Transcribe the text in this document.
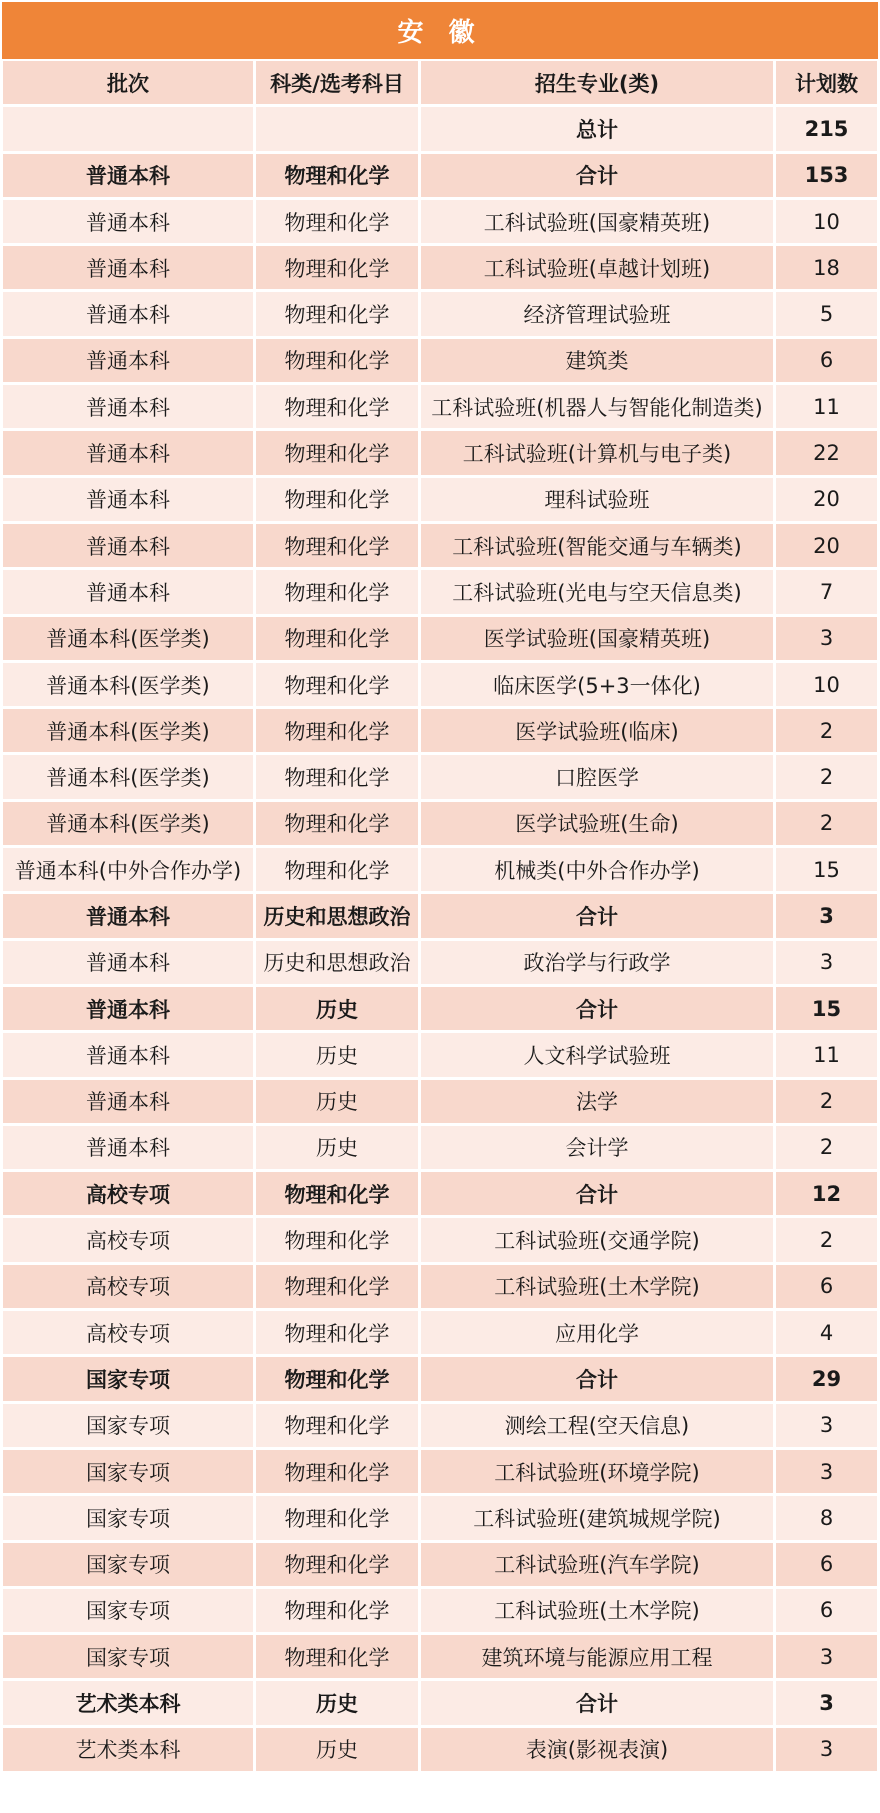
安 徽
批次	科类/选考科目	招生专业(类)	计划数
		总计	215
普通本科	物理和化学	合计	153
普通本科	物理和化学	工科试验班(国豪精英班)	10
普通本科	物理和化学	工科试验班(卓越计划班)	18
普通本科	物理和化学	经济管理试验班	5
普通本科	物理和化学	建筑类	6
普通本科	物理和化学	工科试验班(机器人与智能化制造类)	11
普通本科	物理和化学	工科试验班(计算机与电子类)	22
普通本科	物理和化学	理科试验班	20
普通本科	物理和化学	工科试验班(智能交通与车辆类)	20
普通本科	物理和化学	工科试验班(光电与空天信息类)	7
普通本科(医学类)	物理和化学	医学试验班(国豪精英班)	3
普通本科(医学类)	物理和化学	临床医学(5+3一体化)	10
普通本科(医学类)	物理和化学	医学试验班(临床)	2
普通本科(医学类)	物理和化学	口腔医学	2
普通本科(医学类)	物理和化学	医学试验班(生命)	2
普通本科(中外合作办学)	物理和化学	机械类(中外合作办学)	15
普通本科	历史和思想政治	合计	3
普通本科	历史和思想政治	政治学与行政学	3
普通本科	历史	合计	15
普通本科	历史	人文科学试验班	11
普通本科	历史	法学	2
普通本科	历史	会计学	2
高校专项	物理和化学	合计	12
高校专项	物理和化学	工科试验班(交通学院)	2
高校专项	物理和化学	工科试验班(土木学院)	6
高校专项	物理和化学	应用化学	4
国家专项	物理和化学	合计	29
国家专项	物理和化学	测绘工程(空天信息)	3
国家专项	物理和化学	工科试验班(环境学院)	3
国家专项	物理和化学	工科试验班(建筑城规学院)	8
国家专项	物理和化学	工科试验班(汽车学院)	6
国家专项	物理和化学	工科试验班(土木学院)	6
国家专项	物理和化学	建筑环境与能源应用工程	3
艺术类本科	历史	合计	3
艺术类本科	历史	表演(影视表演)	3
